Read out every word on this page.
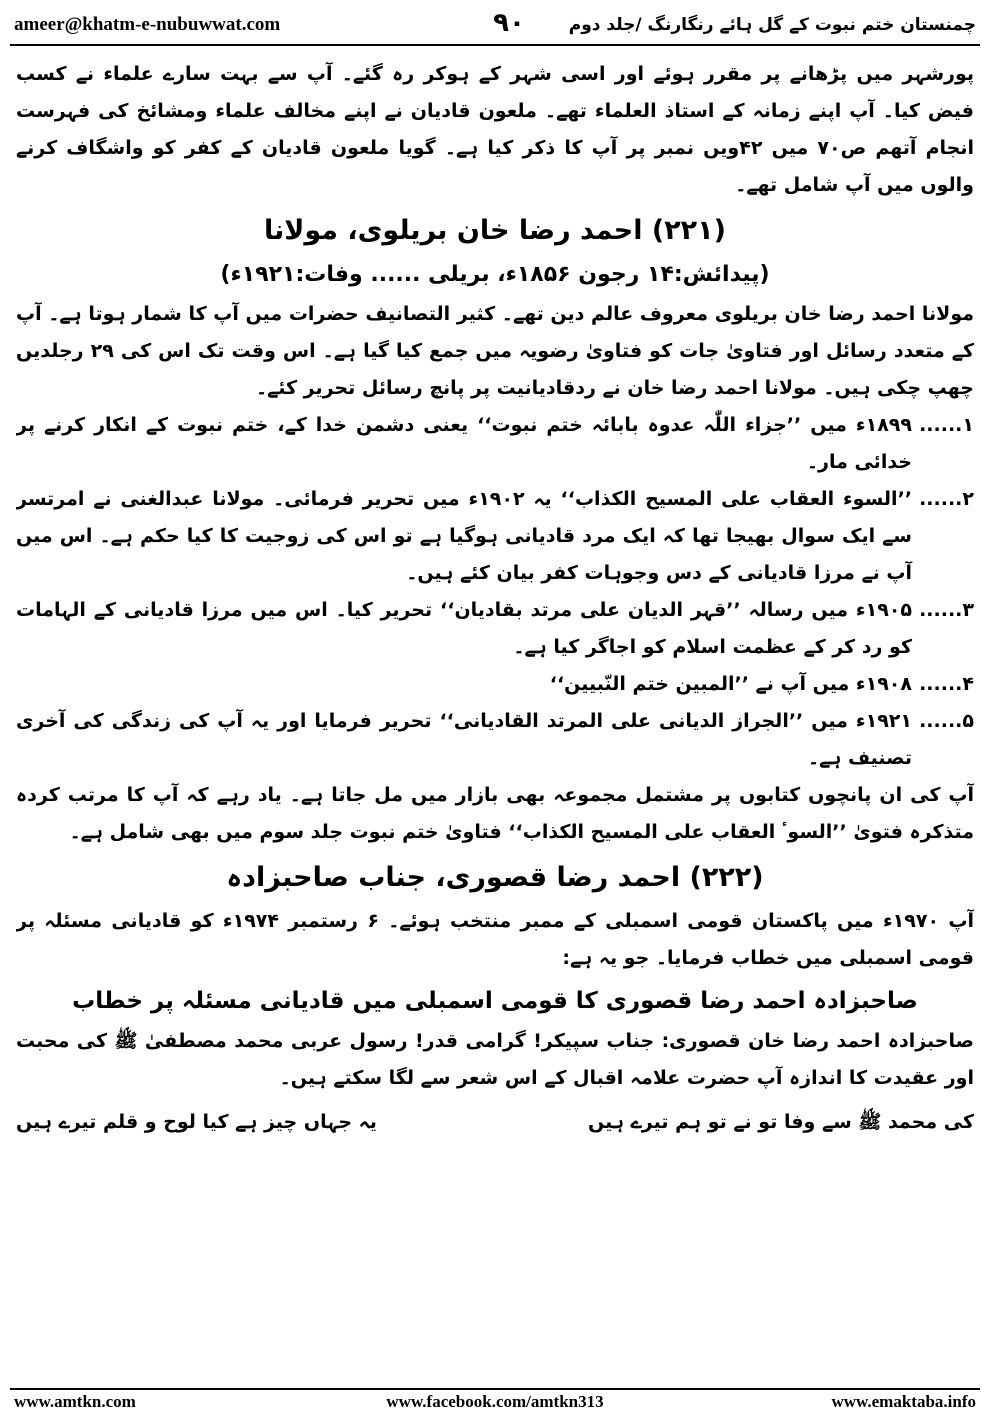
ameer@khatm-e-nubuwwat.com	۹۰	چمنستان ختم نبوت کے گل ہائے رنگارنگ /جلد دوم

پورشہر میں پڑھانے پر مقرر ہوئے اور اسی شہر کے ہوکر رہ گئے۔ آپ سے بہت سارے علماء نے کسب فیض کیا۔ آپ اپنے زمانہ کے استاذ العلماء تھے۔ ملعون قادیان نے اپنے مخالف علماء ومشائخ کی فہرست انجام آتھم ص۷۰ میں ۴۲ویں نمبر پر آپ کا ذکر کیا ہے۔ گویا ملعون قادیان کے کفر کو واشگاف کرنے والوں میں آپ شامل تھے۔

(۲۲۱) احمد رضا خان بریلوی، مولانا
(پیدائش:۱۴ رجون ۱۸۵۶ء، بریلی ...... وفات:۱۹۲۱ء)

مولانا احمد رضا خان بریلوی معروف عالم دین تھے۔ کثیر التصانیف حضرات میں آپ کا شمار ہوتا ہے۔ آپ کے متعدد رسائل اور فتاویٰ جات کو فتاویٰ رضویہ میں جمع کیا گیا ہے۔ اس وقت تک اس کی ۲۹ رجلدیں چھپ چکی ہیں۔ مولانا احمد رضا خان نے ردقادیانیت پر پانچ رسائل تحریر کئے۔

۱......
۱۸۹۹ء میں ’’جزاء اللّٰہ عدوہ بابائہ ختم نبوت‘‘ یعنی دشمن خدا کے، ختم نبوت کے انکار کرنے پر خدائی مار۔
۲......
’’السوء العقاب علی المسیح الکذاب‘‘ یہ ۱۹۰۲ء میں تحریر فرمائی۔ مولانا عبدالغنی نے امرتسر سے ایک سوال بھیجا تھا کہ ایک مرد قادیانی ہوگیا ہے تو اس کی زوجیت کا کیا حکم ہے۔ اس میں آپ نے مرزا قادیانی کے دس وجوہات کفر بیان کئے ہیں۔
۳......
۱۹۰۵ء میں رسالہ ’’قہر الدیان علی مرتد بقادیان‘‘ تحریر کیا۔ اس میں مرزا قادیانی کے الہامات کو رد کر کے عظمت اسلام کو اجاگر کیا ہے۔
۴......
۱۹۰۸ء میں آپ نے ’’المبین ختم النّبیین‘‘
۵......
۱۹۲۱ء میں ’’الجراز الدیانی علی المرتد القادیانی‘‘ تحریر فرمایا اور یہ آپ کی زندگی کی آخری تصنیف ہے۔

آپ کی ان پانچوں کتابوں پر مشتمل مجموعہ بھی بازار میں مل جاتا ہے۔ یاد رہے کہ آپ کا مرتب کردہ متذکرہ فتویٰ ’’السوٴ العقاب علی المسیح الکذاب‘‘ فتاویٰ ختم نبوت جلد سوم میں بھی شامل ہے۔

(۲۲۲) احمد رضا قصوری، جناب صاحبزادہ

آپ ۱۹۷۰ء میں پاکستان قومی اسمبلی کے ممبر منتخب ہوئے۔ ۶ رستمبر ۱۹۷۴ء کو قادیانی مسئلہ پر قومی اسمبلی میں خطاب فرمایا۔ جو یہ ہے:

صاحبزادہ احمد رضا قصوری کا قومی اسمبلی میں قادیانی مسئلہ پر خطاب

صاحبزادہ احمد رضا خان قصوری: جناب سپیکر! گرامی قدر! رسول عربی محمد مصطفیٰ ﷺ کی محبت اور عقیدت کا اندازہ آپ حضرت علامہ اقبال کے اس شعر سے لگا سکتے ہیں۔

کی محمد ﷺ سے وفا تو نے تو ہم تیرے ہیں
یہ جہاں چیز ہے کیا لوح و قلم تیرے ہیں
www.amtkn.com	www.facebook.com/amtkn313	www.emaktaba.info
